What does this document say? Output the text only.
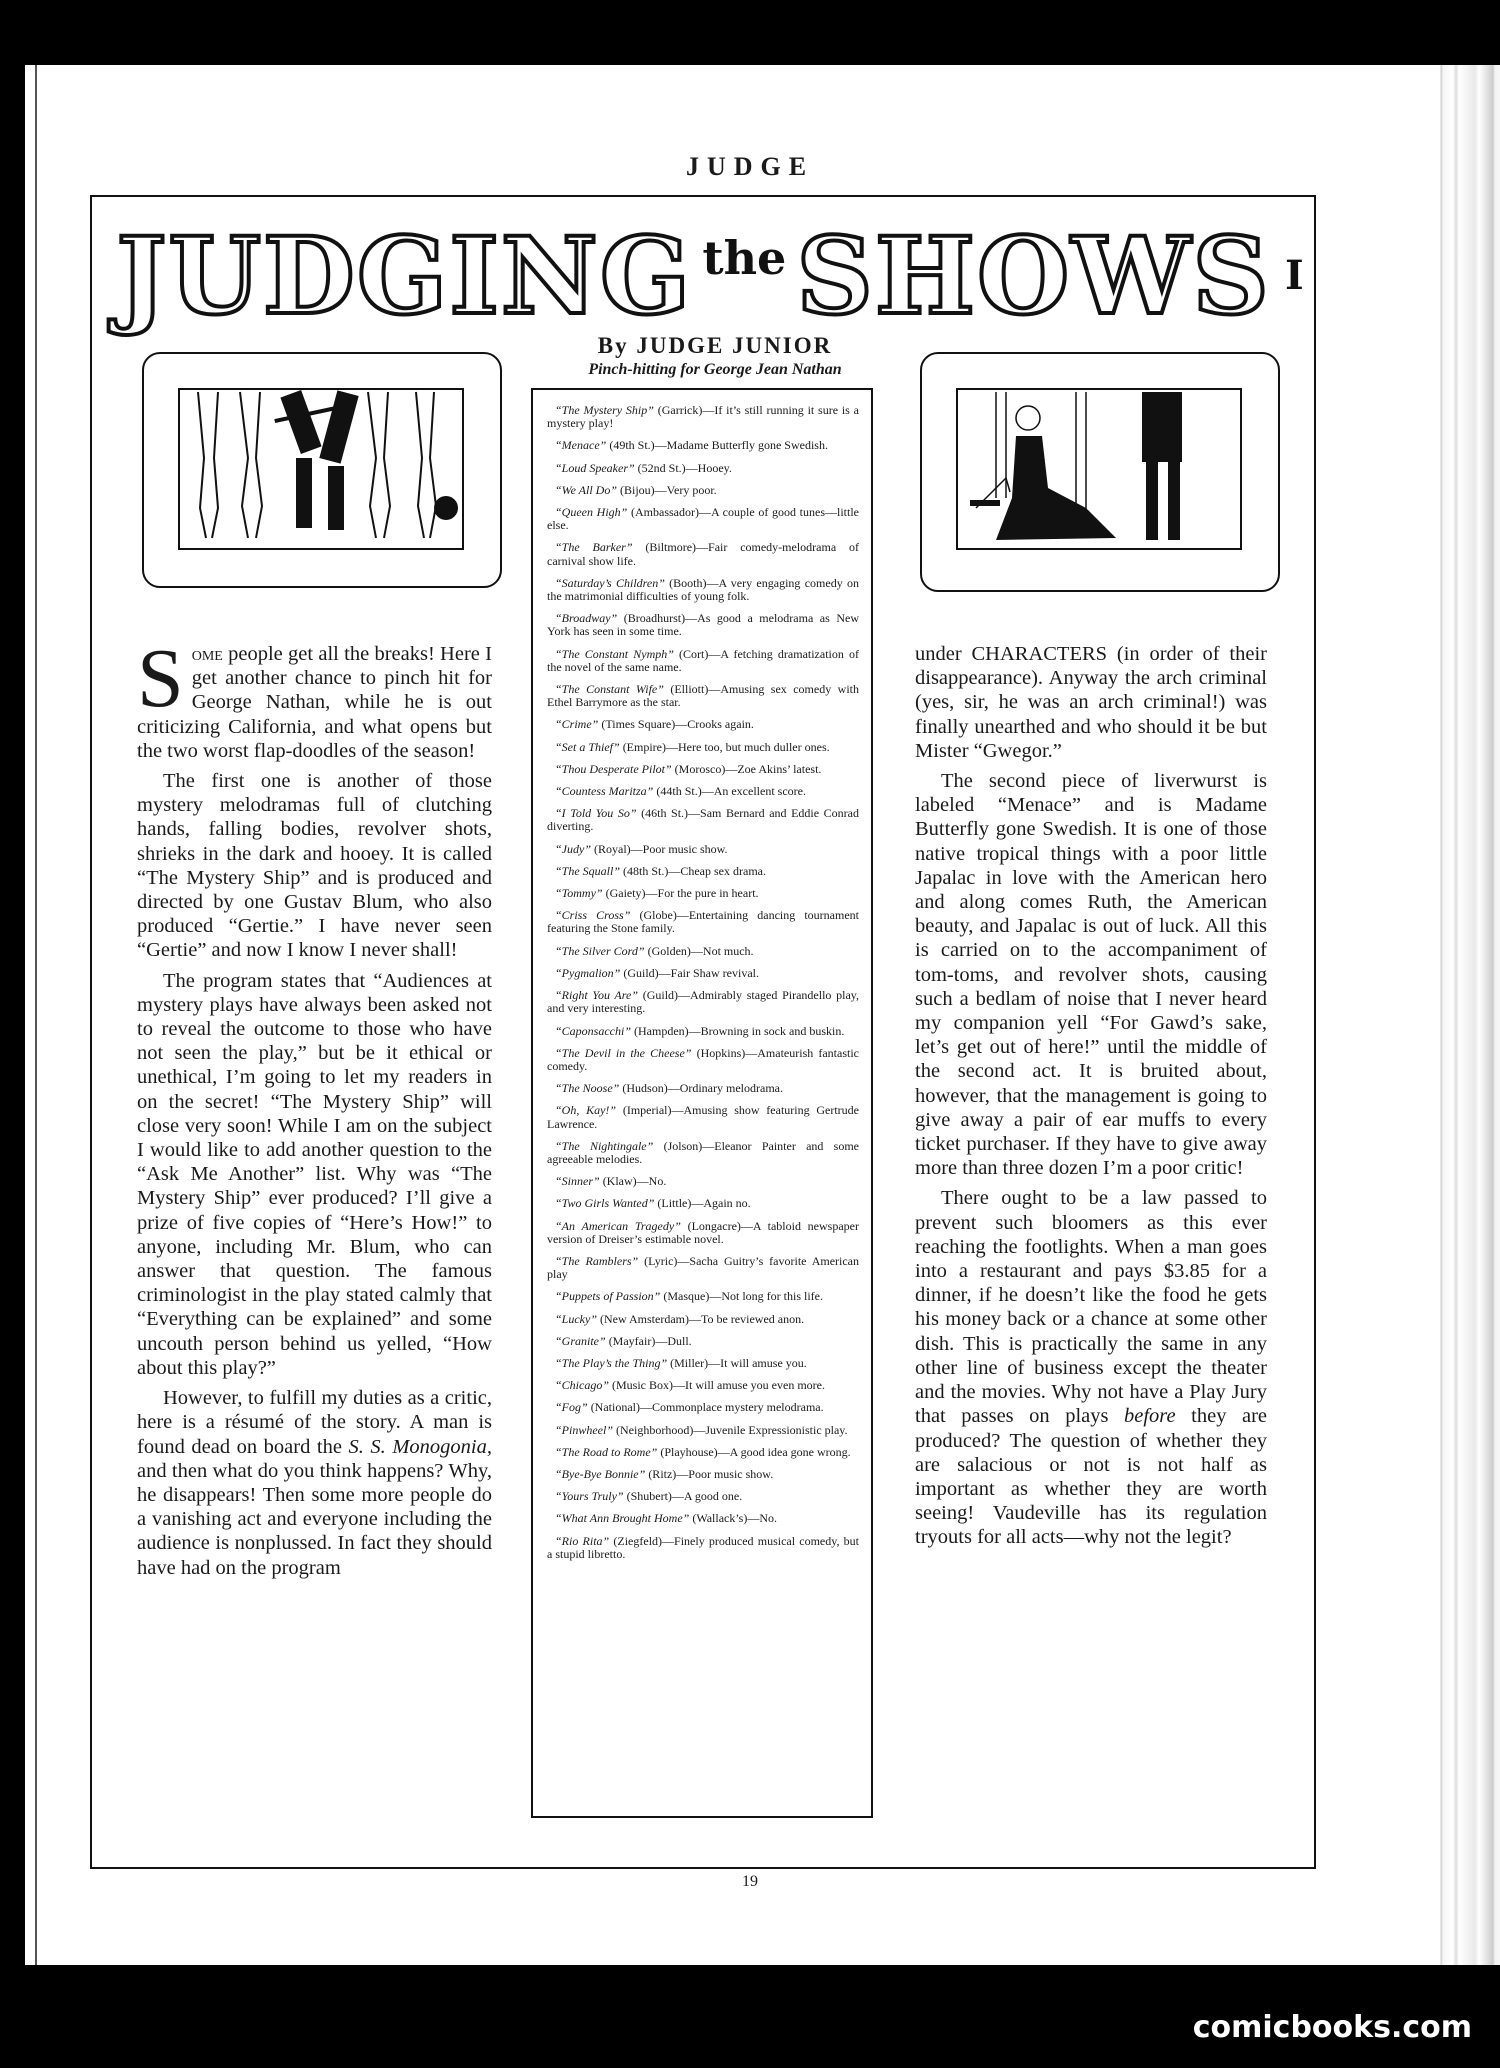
JUDGE
JUDGING the SHOWS I
By JUDGE JUNIOR
Pinch-hitting for George Jean Nathan

Some people get all the breaks! Here I get another chance to pinch hit for George Nathan, while he is out criticizing California, and what opens but the two worst flap-doodles of the season!

The first one is another of those mystery melodramas full of clutching hands, falling bodies, revolver shots, shrieks in the dark and hooey. It is called “The Mystery Ship” and is produced and directed by one Gustav Blum, who also produced “Gertie.” I have never seen “Gertie” and now I know I never shall!

The program states that “Audiences at mystery plays have always been asked not to reveal the outcome to those who have not seen the play,” but be it ethical or unethical, I’m going to let my readers in on the secret! “The Mystery Ship” will close very soon! While I am on the subject I would like to add another question to the “Ask Me Another” list. Why was “The Mystery Ship” ever produced? I’ll give a prize of five copies of “Here’s How!” to anyone, including Mr. Blum, who can answer that question. The famous criminologist in the play stated calmly that “Everything can be explained” and some uncouth person behind us yelled, “How about this play?”

However, to fulfill my duties as a critic, here is a résumé of the story. A man is found dead on board the S. S. Monogonia, and then what do you think happens? Why, he disappears! Then some more people do a vanishing act and everyone including the audience is nonplussed. In fact they should have had on the program

“The Mystery Ship” (Garrick)—If it’s still running it sure is a mystery play!
“Menace” (49th St.)—Madame Butterfly gone Swedish.
“Loud Speaker” (52nd St.)—Hooey.
“We All Do” (Bijou)—Very poor.
“Queen High” (Ambassador)—A couple of good tunes—little else.
“The Barker” (Biltmore)—Fair comedy-melodrama of carnival show life.
“Saturday’s Children” (Booth)—A very engaging comedy on the matrimonial difficulties of young folk.
“Broadway” (Broadhurst)—As good a melodrama as New York has seen in some time.
“The Constant Nymph” (Cort)—A fetching dramatization of the novel of the same name.
“The Constant Wife” (Elliott)—Amusing sex comedy with Ethel Barrymore as the star.
“Crime” (Times Square)—Crooks again.
“Set a Thief” (Empire)—Here too, but much duller ones.
“Thou Desperate Pilot” (Morosco)—Zoe Akins’ latest.
“Countess Maritza” (44th St.)—An excellent score.
“I Told You So” (46th St.)—Sam Bernard and Eddie Conrad diverting.
“Judy” (Royal)—Poor music show.
“The Squall” (48th St.)—Cheap sex drama.
“Tommy” (Gaiety)—For the pure in heart.
“Criss Cross” (Globe)—Entertaining dancing tournament featuring the Stone family.
“The Silver Cord” (Golden)—Not much.
“Pygmalion” (Guild)—Fair Shaw revival.
“Right You Are” (Guild)—Admirably staged Pirandello play, and very interesting.
“Caponsacchi” (Hampden)—Browning in sock and buskin.
“The Devil in the Cheese” (Hopkins)—Amateurish fantastic comedy.
“The Noose” (Hudson)—Ordinary melodrama.
“Oh, Kay!” (Imperial)—Amusing show featuring Gertrude Lawrence.
“The Nightingale” (Jolson)—Eleanor Painter and some agreeable melodies.
“Sinner” (Klaw)—No.
“Two Girls Wanted” (Little)—Again no.
“An American Tragedy” (Longacre)—A tabloid newspaper version of Dreiser’s estimable novel.
“The Ramblers” (Lyric)—Sacha Guitry’s favorite American play
“Puppets of Passion” (Masque)—Not long for this life.
“Lucky” (New Amsterdam)—To be reviewed anon.
“Granite” (Mayfair)—Dull.
“The Play’s the Thing” (Miller)—It will amuse you.
“Chicago” (Music Box)—It will amuse you even more.
“Fog” (National)—Commonplace mystery melodrama.
“Pinwheel” (Neighborhood)—Juvenile Expressionistic play.
“The Road to Rome” (Playhouse)—A good idea gone wrong.
“Bye-Bye Bonnie” (Ritz)—Poor music show.
“Yours Truly” (Shubert)—A good one.
“What Ann Brought Home” (Wallack’s)—No.
“Rio Rita” (Ziegfeld)—Finely produced musical comedy, but a stupid libretto.

under CHARACTERS (in order of their disappearance). Anyway the arch criminal (yes, sir, he was an arch criminal!) was finally unearthed and who should it be but Mister “Gwegor.”

The second piece of liverwurst is labeled “Menace” and is Madame Butterfly gone Swedish. It is one of those native tropical things with a poor little Japalac in love with the American hero and along comes Ruth, the American beauty, and Japalac is out of luck. All this is carried on to the accompaniment of tom-toms, and revolver shots, causing such a bedlam of noise that I never heard my companion yell “For Gawd’s sake, let’s get out of here!” until the middle of the second act. It is bruited about, however, that the management is going to give away a pair of ear muffs to every ticket purchaser. If they have to give away more than three dozen I’m a poor critic!

There ought to be a law passed to prevent such bloomers as this ever reaching the footlights. When a man goes into a restaurant and pays $3.85 for a dinner, if he doesn’t like the food he gets his money back or a chance at some other dish. This is practically the same in any other line of business except the theater and the movies. Why not have a Play Jury that passes on plays before they are produced? The question of whether they are salacious or not is not half as important as whether they are worth seeing! Vaudeville has its regulation tryouts for all acts—why not the legit?

19
comicbooks.com
